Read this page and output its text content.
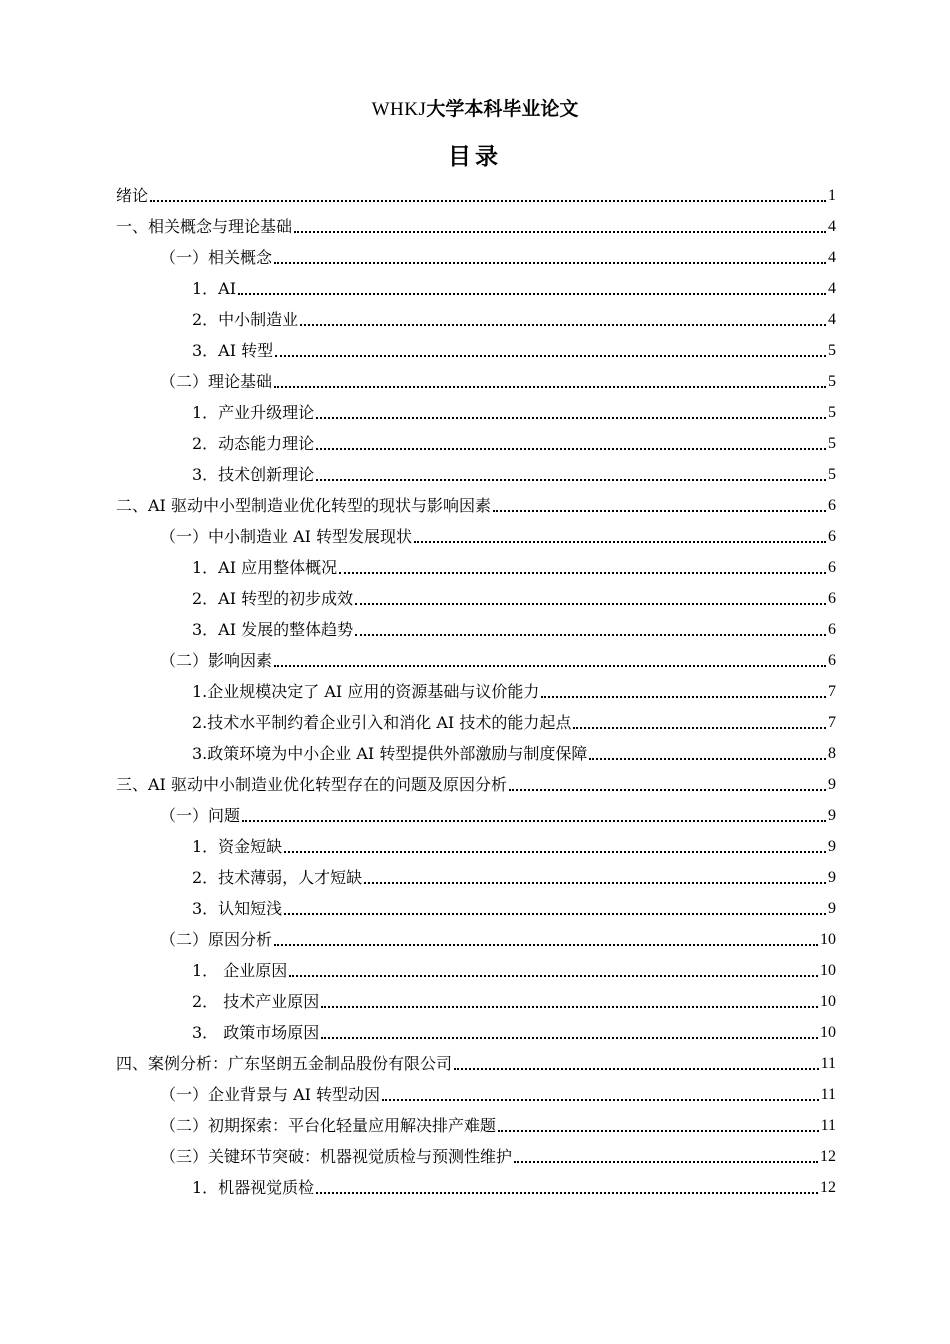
WHKJ大学本科毕业论文
目录
绪论	1
一、相关概念与理论基础	4
（一）相关概念	4
1．AI	4
2．中小制造业	4
3．AI 转型	5
（二）理论基础	5
1．产业升级理论	5
2．动态能力理论	5
3．技术创新理论	5
二、AI 驱动中小型制造业优化转型的现状与影响因素	6
（一）中小制造业 AI 转型发展现状	6
1．AI 应用整体概况	6
2．AI 转型的初步成效	6
3．AI 发展的整体趋势	6
（二）影响因素	6
1.企业规模决定了 AI 应用的资源基础与议价能力	7
2.技术水平制约着企业引入和消化 AI 技术的能力起点	7
3.政策环境为中小企业 AI 转型提供外部激励与制度保障	8
三、AI 驱动中小制造业优化转型存在的问题及原因分析	9
（一）问题	9
1．资金短缺	9
2．技术薄弱，人才短缺	9
3．认知短浅	9
（二）原因分析	10
1． 企业原因	10
2． 技术产业原因	10
3． 政策市场原因	10
四、案例分析：广东坚朗五金制品股份有限公司	11
（一）企业背景与 AI 转型动因	11
（二）初期探索：平台化轻量应用解决排产难题	11
（三）关键环节突破：机器视觉质检与预测性维护	12
1．机器视觉质检	12
